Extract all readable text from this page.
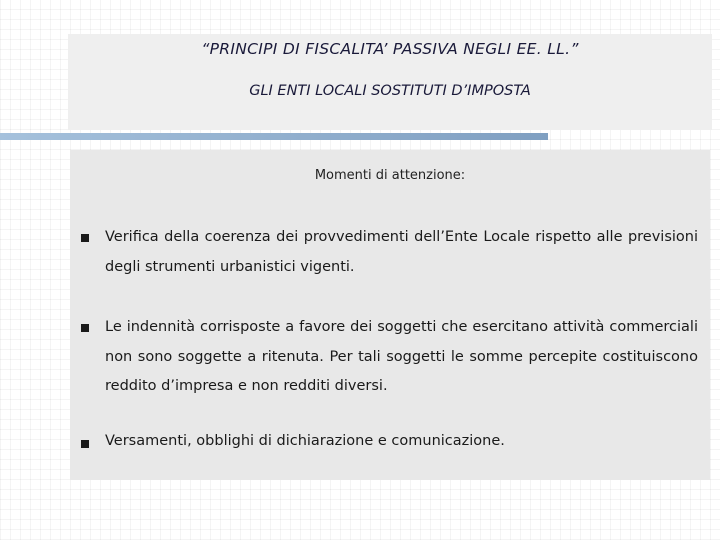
“PRINCIPI DI FISCALITA’ PASSIVA NEGLI EE. LL.”
GLI ENTI LOCALI SOSTITUTI D’IMPOSTA
Momenti di attenzione:
Verifica della coerenza dei provvedimenti dell’Ente Locale rispetto alle previsioni degli strumenti urbanistici vigenti.
Le indennità corrisposte a favore dei soggetti che esercitano attività commerciali non sono soggette a ritenuta. Per tali soggetti le somme percepite costituiscono reddito d’impresa e non redditi diversi.
Versamenti, obblighi di dichiarazione e comunicazione.
